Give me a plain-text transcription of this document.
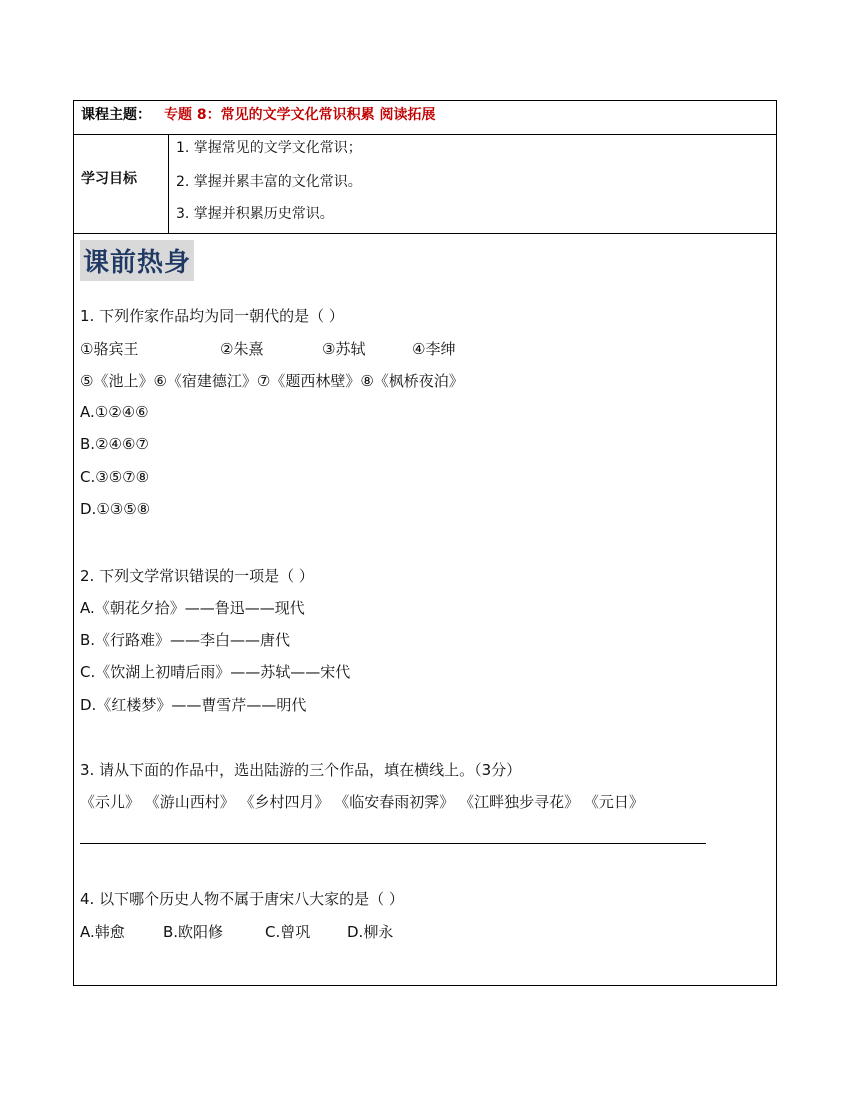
课程主题： 专题 8：常见的文学文化常识积累 阅读拓展
学习目标
1. 掌握常见的文学文化常识；
2. 掌握并累丰富的文化常识。
3. 掌握并积累历史常识。
课前热身
1. 下列作家作品均为同一朝代的是（ ）
①骆宾王	②朱熹	③苏轼	④李绅
⑤《池上》⑥《宿建德江》⑦《题西林壁》⑧《枫桥夜泊》
A.①②④⑥
B.②④⑥⑦
C.③⑤⑦⑧
D.①③⑤⑧
2. 下列文学常识错误的一项是（ ）
A.《朝花夕拾》——鲁迅——现代
B.《行路难》——李白——唐代
C.《饮湖上初晴后雨》——苏轼——宋代
D.《红楼梦》——曹雪芹——明代
3. 请从下面的作品中，选出陆游的三个作品，填在横线上。（3分）
《示儿》 《游山西村》 《乡村四月》 《临安春雨初霁》 《江畔独步寻花》 《元日》
4. 以下哪个历史人物不属于唐宋八大家的是（ ）
A.韩愈	B.欧阳修	C.曾巩 D.柳永
